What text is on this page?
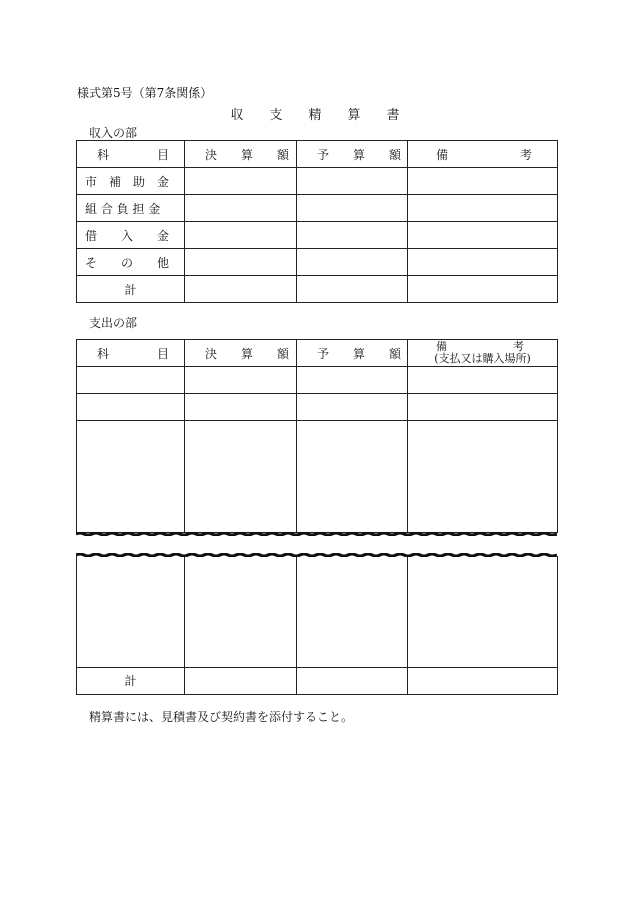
様式第5号（第7条関係）
収　　支　　精　　算　　書
収入の部
科　　　　目	決　　算　　額	予　　算　　額	備　　　　　　考
市　補　助　金			
組 合 負 担 金			
借　　入　　金			
そ　　の　　他			
計			
支出の部
科　　　　目	決　　算　　額	予　　算　　額	備　　　　　　考
(支払又は購入場所)

計			
精算書には、見積書及び契約書を添付すること。
